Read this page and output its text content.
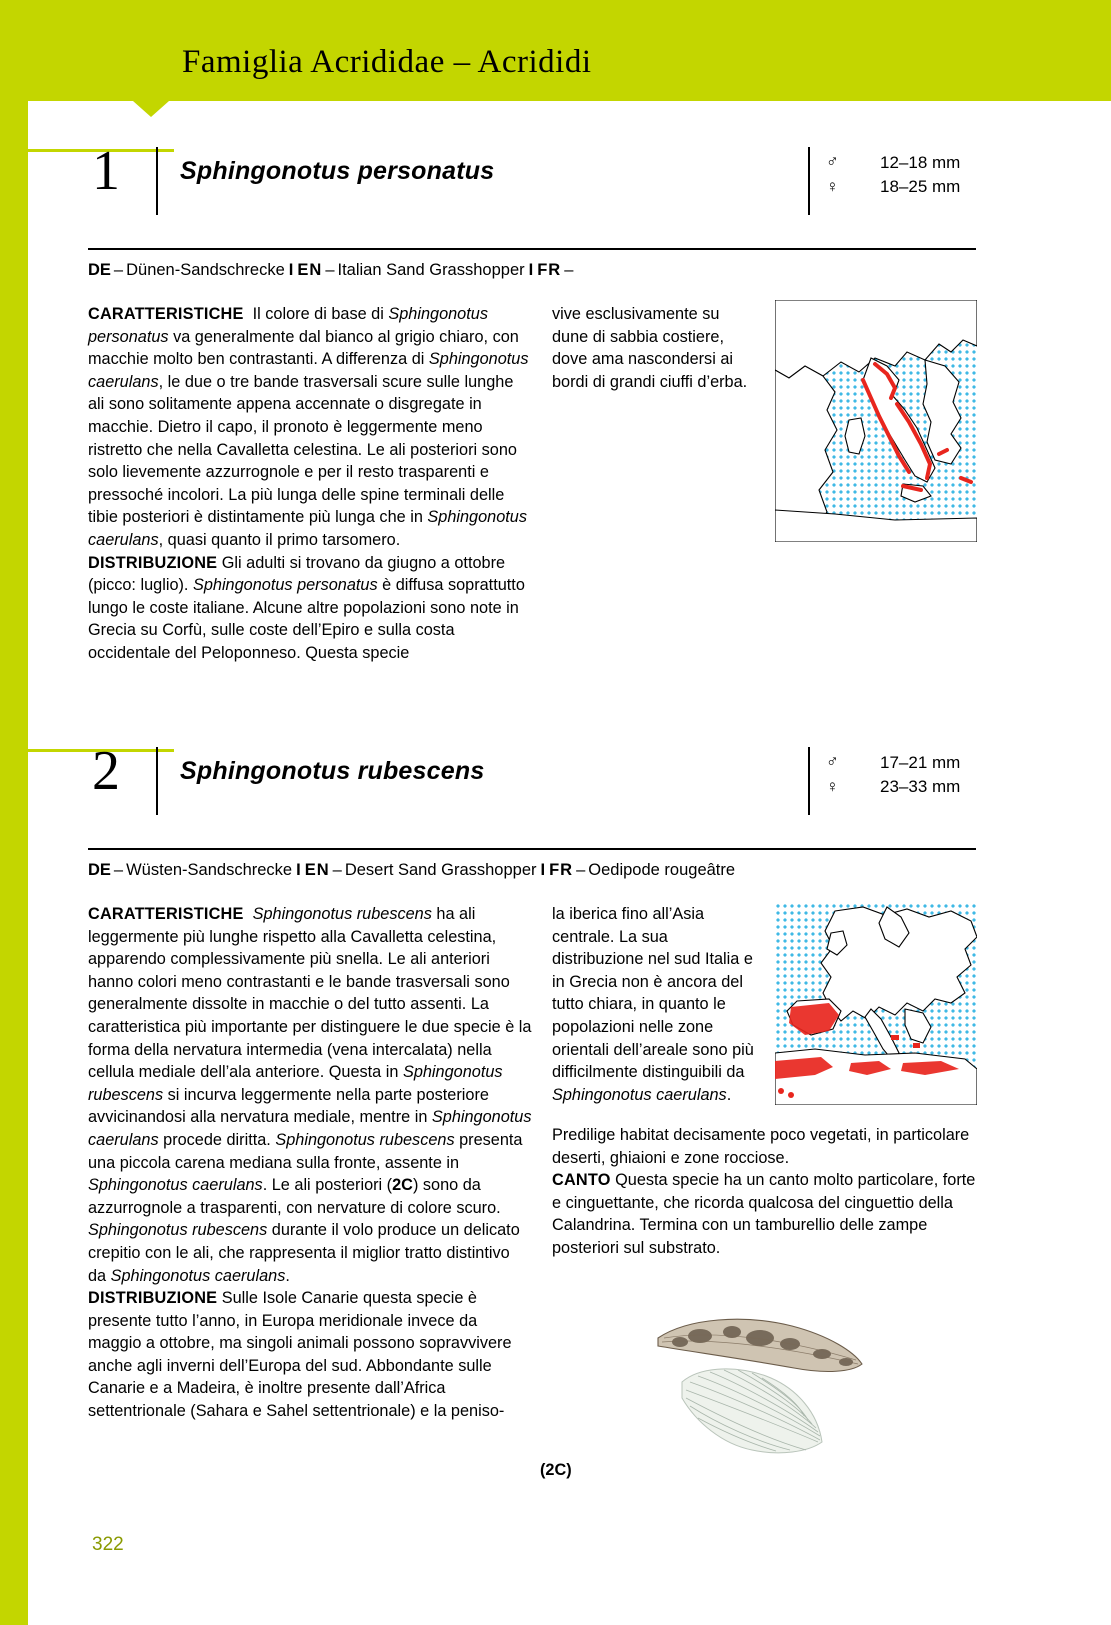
Famiglia Acrididae – Acrididi
1 Sphingonotus personatus	♂ 12–18 mm
♀ 18–25 mm
DE – Dünen-Sandschrecke I EN – Italian Sand Grasshopper I FR –
CARATTERISTICHE  Il colore di base di Sphingonotus personatus va generalmente dal bianco al grigio chiaro, con macchie molto ben contrastanti. A differenza di Sphingonotus caerulans, le due o tre bande trasversali scure sulle lunghe ali sono solitamente appena accennate o disgregate in macchie. Dietro il capo, il pronoto è leggermente meno ristretto che nella Cavalletta celestina. Le ali posteriori sono solo lievemente azzurrognole e per il resto trasparenti e pressoché incolori. La più lunga delle spine terminali delle tibie posteriori è distintamente più lunga che in Sphingonotus caerulans, quasi quanto il primo tarsomero.
DISTRIBUZIONE Gli adulti si trovano da giugno a ottobre (picco: luglio). Sphingonotus personatus è diffusa soprattutto lungo le coste italiane. Alcune altre popolazioni sono note in Grecia su Corfù, sulle coste dell’Epiro e sulla costa occidentale del Peloponneso. Questa specie
vive esclusivamente su dune di sabbia costiere, dove ama nascondersi ai bordi di grandi ciuffi d’erba.
2 Sphingonotus rubescens	♂ 17–21 mm
♀ 23–33 mm
DE – Wüsten-Sandschrecke I EN – Desert Sand Grasshopper I FR – Oedipode rougeâtre
CARATTERISTICHE Sphingonotus rubescens ha ali leggermente più lunghe rispetto alla Cavalletta celestina, apparendo complessivamente più snella. Le ali anteriori hanno colori meno contrastanti e le bande trasversali sono generalmente dissolte in macchie o del tutto assenti. La caratteristica più importante per distinguere le due specie è la forma della nervatura intermedia (vena intercalata) nella cellula mediale dell’ala anteriore. Questa in Sphingonotus rubescens si incurva leggermente nella parte posteriore avvicinandosi alla nervatura mediale, mentre in Sphingonotus caerulans procede diritta. Sphingonotus rubescens presenta una piccola carena mediana sulla fronte, assente in Sphingonotus caerulans. Le ali posteriori (2C) sono da azzurrognole a trasparenti, con nervature di colore scuro. Sphingonotus rubescens durante il volo produce un delicato crepitio con le ali, che rappresenta il miglior tratto distintivo da Sphingonotus caerulans.
DISTRIBUZIONE Sulle Isole Canarie questa specie è presente tutto l’anno, in Europa meridionale invece da maggio a ottobre, ma singoli animali possono sopravvivere anche agli inverni dell’Europa del sud. Abbondante sulle Canarie e a Madeira, è inoltre presente dall’Africa settentrionale (Sahara e Sahel settentrionale) e la peniso-
la iberica fino all’Asia centrale. La sua distribuzione nel sud Italia e in Grecia non è ancora del tutto chiara, in quanto le popolazioni nelle zone orientali dell’areale sono più difficilmente distinguibili da Sphingonotus caerulans.
Predilige habitat decisamente poco vegetati, in particolare deserti, ghiaioni e zone rocciose.
CANTO Questa specie ha un canto molto particolare, forte e cinguettante, che ricorda qualcosa del cinguettio della Calandrina. Termina con un tamburellio delle zampe posteriori sul substrato.
(2C)
322
